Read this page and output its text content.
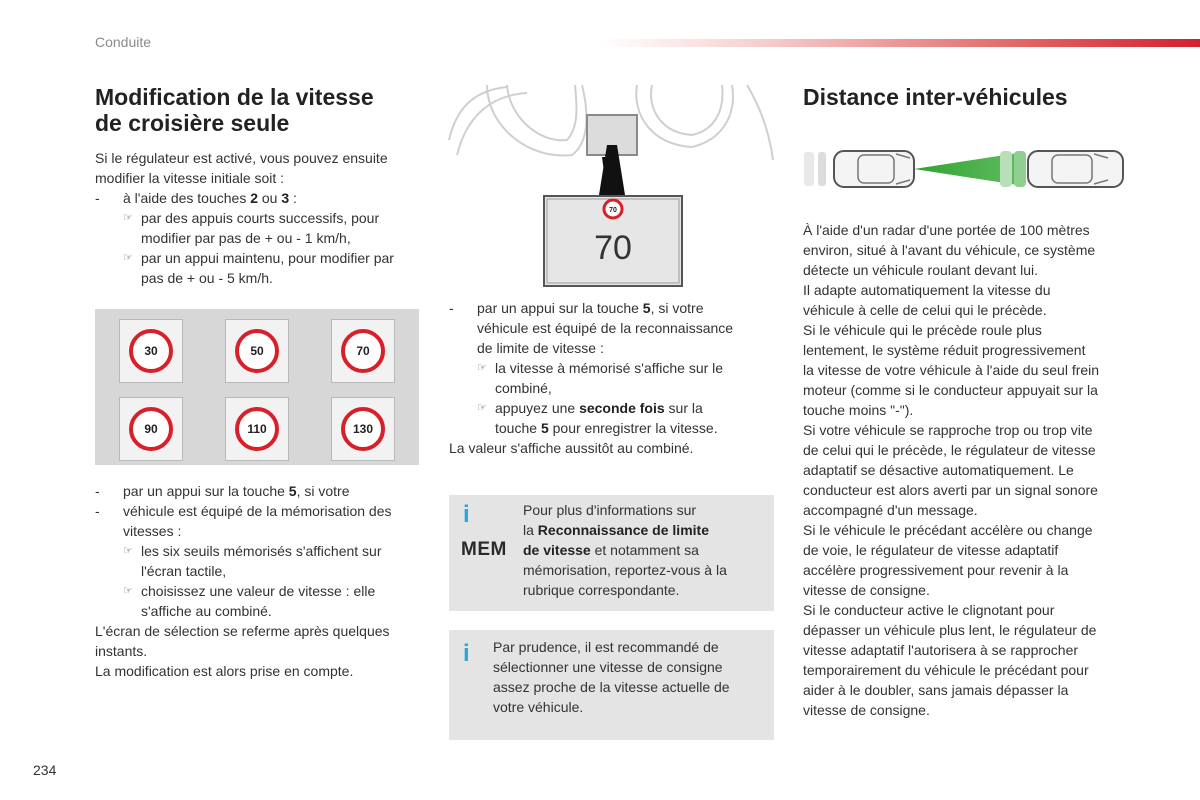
Conduite
Modification de la vitesse
de croisière seule

Si le régulateur est activé, vous pouvez ensuite

modifier la vitesse initiale soit :

- à l'aide des touches 2 ou 3 :

☞ par des appuis courts successifs, pour

modifier par pas de + ou - 1 km/h,

☞ par un appui maintenu, pour modifier par

pas de + ou - 5 km/h.

30	50	70
90	110	130

- par un appui sur la touche 5, si votre

- . véhicule est équipé de la mémorisation des

vitesses :

☞ les six seuils mémorisés s'affichent sur

l'écran tactile,

☞ choisissez une valeur de vitesse : elle

s'affiche au combiné.

L'écran de sélection se referme après quelques

instants.

La modification est alors prise en compte.

70
70

- par un appui sur la touche 5, si votre

véhicule est équipé de la reconnaissance

de limite de vitesse :

☞ la vitesse à mémorisé s'affiche sur le

combiné,

☞ appuyez une seconde fois sur la

touche 5 pour enregistrer la vitesse.

La valeur s'affiche aussitôt au combiné.

i
MEM

Pour plus d'informations sur

la Reconnaissance de limite

de vitesse et notamment sa

mémorisation, reportez-vous à la

rubrique correspondante.

i Par prudence, il est recommandé de

sélectionner une vitesse de consigne

assez proche de la vitesse actuelle de

votre véhicule.

Distance inter-véhicules

À l'aide d'un radar d'une portée de 100 mètres

environ, situé à l'avant du véhicule, ce système

détecte un véhicule roulant devant lui.

Il adapte automatiquement la vitesse du

véhicule à celle de celui qui le précède.

Si le véhicule qui le précède roule plus

lentement, le système réduit progressivement

la vitesse de votre véhicule à l'aide du seul frein

moteur (comme si le conducteur appuyait sur la

touche moins "-").

Si votre véhicule se rapproche trop ou trop vite

de celui qui le précède, le régulateur de vitesse

adaptatif se désactive automatiquement. Le

conducteur est alors averti par un signal sonore

accompagné d'un message.

Si le véhicule le précédant accélère ou change

de voie, le régulateur de vitesse adaptatif

accélère progressivement pour revenir à la

vitesse de consigne.

Si le conducteur active le clignotant pour

dépasser un véhicule plus lent, le régulateur de

vitesse adaptatif l'autorisera à se rapprocher

temporairement du véhicule le précédant pour

aider à le doubler, sans jamais dépasser la

vitesse de consigne.

234
